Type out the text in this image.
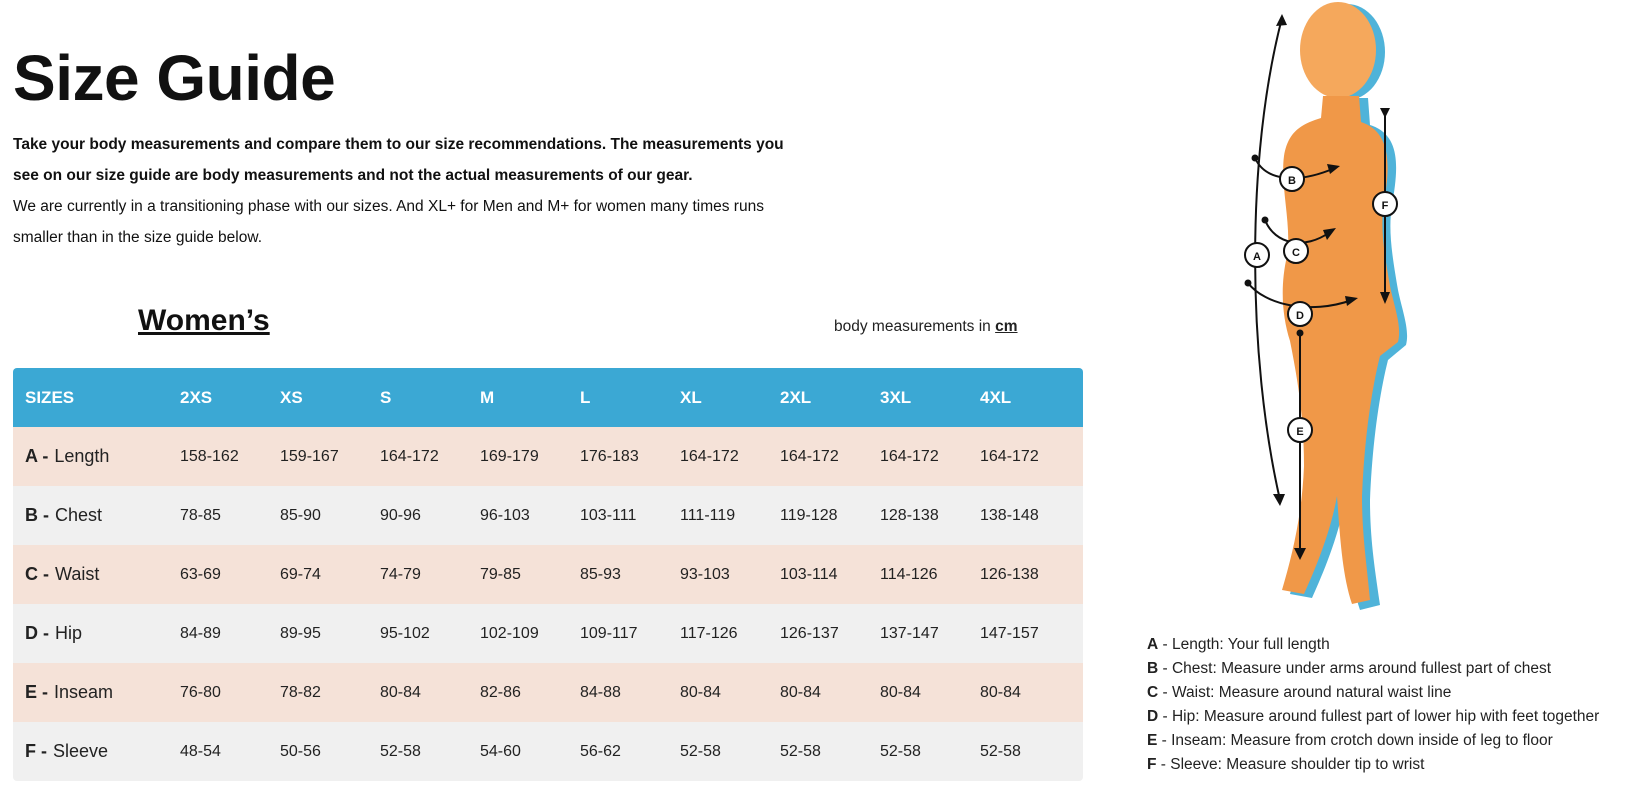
Size Guide
Take your body measurements and compare them to our size recommendations. The measurements you see on our size guide are body measurements and not the actual measurements of our gear.
We are currently in a transitioning phase with our sizes. And XL+ for Men and M+ for women many times runs smaller than in the size guide below.
Women’s	body measurements in cm
SIZES	2XS	XS	S	M	L	XL	2XL	3XL	4XL
A - Length	158-162	159-167	164-172	169-179	176-183	164-172	164-172	164-172	164-172
B - Chest	78-85	85-90	90-96	96-103	103-111	111-119	119-128	128-138	138-148
C - Waist	63-69	69-74	74-79	79-85	85-93	93-103	103-114	114-126	126-138
D - Hip	84-89	89-95	95-102	102-109	109-117	117-126	126-137	137-147	147-157
E - Inseam	76-80	78-82	80-84	82-86	84-88	80-84	80-84	80-84	80-84
F - Sleeve	48-54	50-56	52-58	54-60	56-62	52-58	52-58	52-58	52-58
A
B
C
D
E
F
A - Length: Your full length
B - Chest: Measure under arms around fullest part of chest
C - Waist: Measure around natural waist line
D - Hip: Measure around fullest part of lower hip with feet together
E - Inseam: Measure from crotch down inside of leg to floor
F - Sleeve: Measure shoulder tip to wrist
